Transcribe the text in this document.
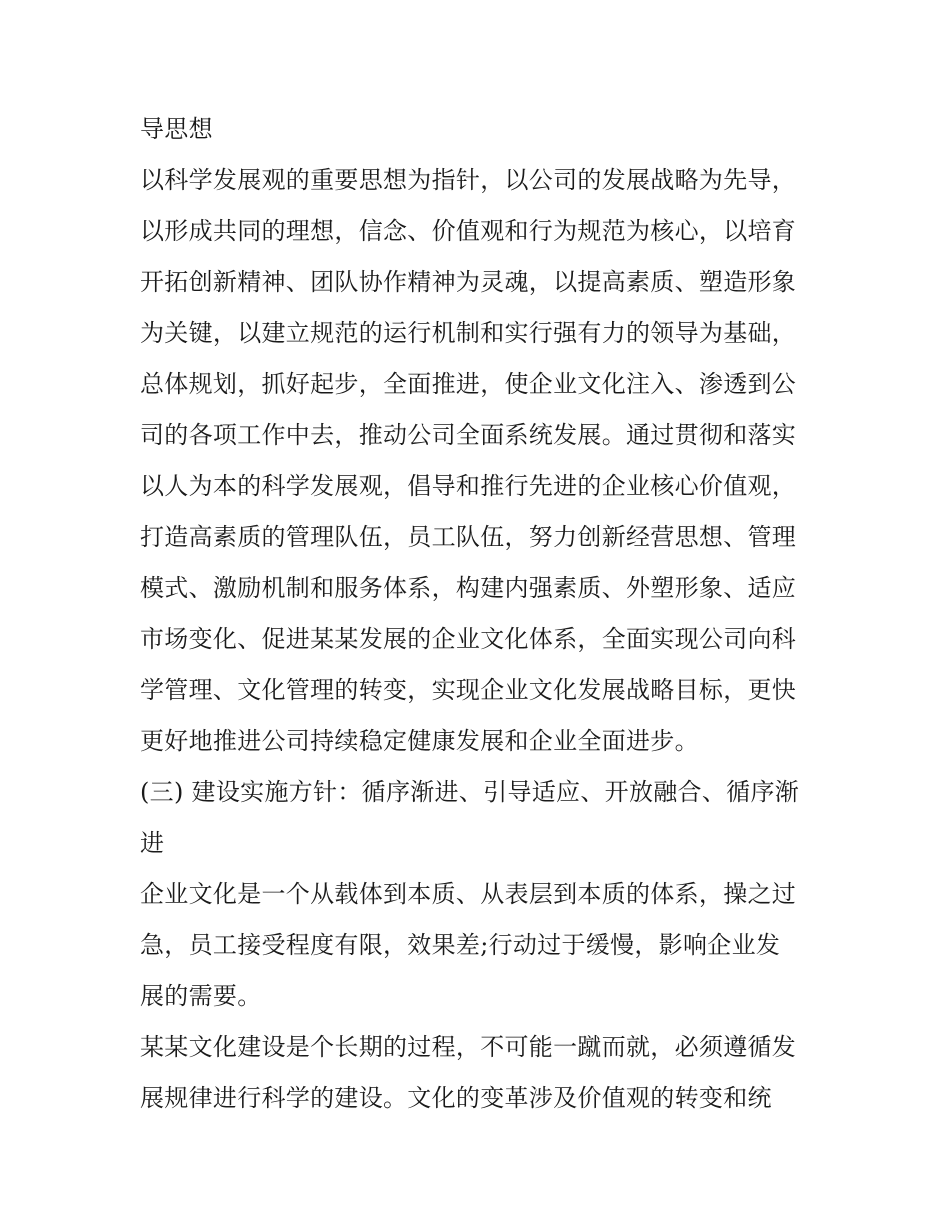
导思想
以科学发展观的重要思想为指针，以公司的发展战略为先导，
以形成共同的理想，信念、价值观和行为规范为核心，以培育
开拓创新精神、团队协作精神为灵魂，以提高素质、塑造形象
为关键，以建立规范的运行机制和实行强有力的领导为基础，
总体规划，抓好起步，全面推进，使企业文化注入、渗透到公
司的各项工作中去，推动公司全面系统发展。通过贯彻和落实
以人为本的科学发展观，倡导和推行先进的企业核心价值观，
打造高素质的管理队伍，员工队伍，努力创新经营思想、管理
模式、激励机制和服务体系，构建内强素质、外塑形象、适应
市场变化、促进某某发展的企业文化体系，全面实现公司向科
学管理、文化管理的转变，实现企业文化发展战略目标，更快
更好地推进公司持续稳定健康发展和企业全面进步。
(三) 建设实施方针：循序渐进、引导适应、开放融合、循序渐
进
企业文化是一个从载体到本质、从表层到本质的体系，操之过
急，员工接受程度有限，效果差;行动过于缓慢，影响企业发
展的需要。
某某文化建设是个长期的过程，不可能一蹴而就，必须遵循发
展规律进行科学的建设。文化的变革涉及价值观的转变和统
